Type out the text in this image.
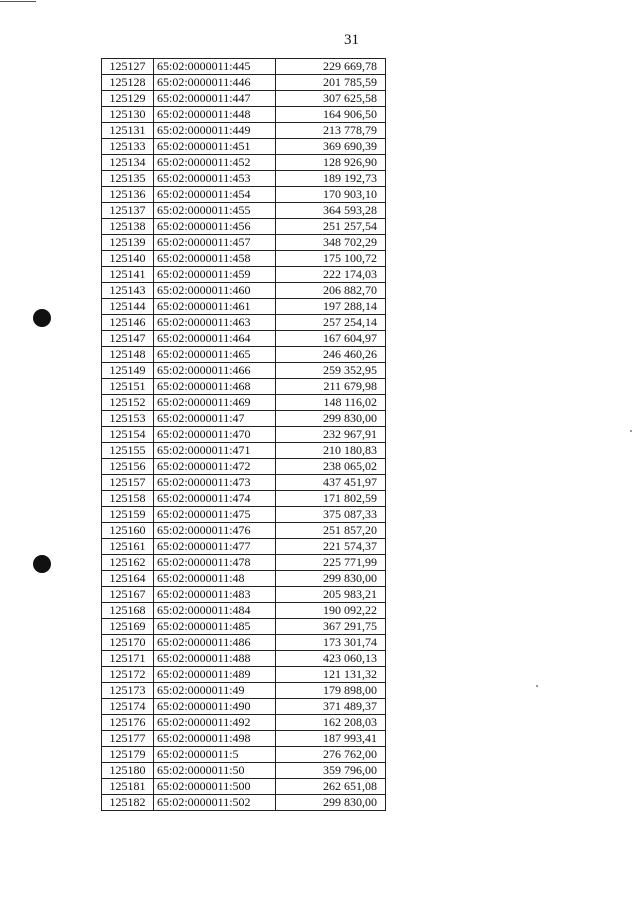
31
125127	65:02:0000011:445	229 669,78
125128	65:02:0000011:446	201 785,59
125129	65:02:0000011:447	307 625,58
125130	65:02:0000011:448	164 906,50
125131	65:02:0000011:449	213 778,79
125133	65:02:0000011:451	369 690,39
125134	65:02:0000011:452	128 926,90
125135	65:02:0000011:453	189 192,73
125136	65:02:0000011:454	170 903,10
125137	65:02:0000011:455	364 593,28
125138	65:02:0000011:456	251 257,54
125139	65:02:0000011:457	348 702,29
125140	65:02:0000011:458	175 100,72
125141	65:02:0000011:459	222 174,03
125143	65:02:0000011:460	206 882,70
125144	65:02:0000011:461	197 288,14
125146	65:02:0000011:463	257 254,14
125147	65:02:0000011:464	167 604,97
125148	65:02:0000011:465	246 460,26
125149	65:02:0000011:466	259 352,95
125151	65:02:0000011:468	211 679,98
125152	65:02:0000011:469	148 116,02
125153	65:02:0000011:47	299 830,00
125154	65:02:0000011:470	232 967,91
125155	65:02:0000011:471	210 180,83
125156	65:02:0000011:472	238 065,02
125157	65:02:0000011:473	437 451,97
125158	65:02:0000011:474	171 802,59
125159	65:02:0000011:475	375 087,33
125160	65:02:0000011:476	251 857,20
125161	65:02:0000011:477	221 574,37
125162	65:02:0000011:478	225 771,99
125164	65:02:0000011:48	299 830,00
125167	65:02:0000011:483	205 983,21
125168	65:02:0000011:484	190 092,22
125169	65:02:0000011:485	367 291,75
125170	65:02:0000011:486	173 301,74
125171	65:02:0000011:488	423 060,13
125172	65:02:0000011:489	121 131,32
125173	65:02:0000011:49	179 898,00
125174	65:02:0000011:490	371 489,37
125176	65:02:0000011:492	162 208,03
125177	65:02:0000011:498	187 993,41
125179	65:02:0000011:5	276 762,00
125180	65:02:0000011:50	359 796,00
125181	65:02:0000011:500	262 651,08
125182	65:02:0000011:502	299 830,00
